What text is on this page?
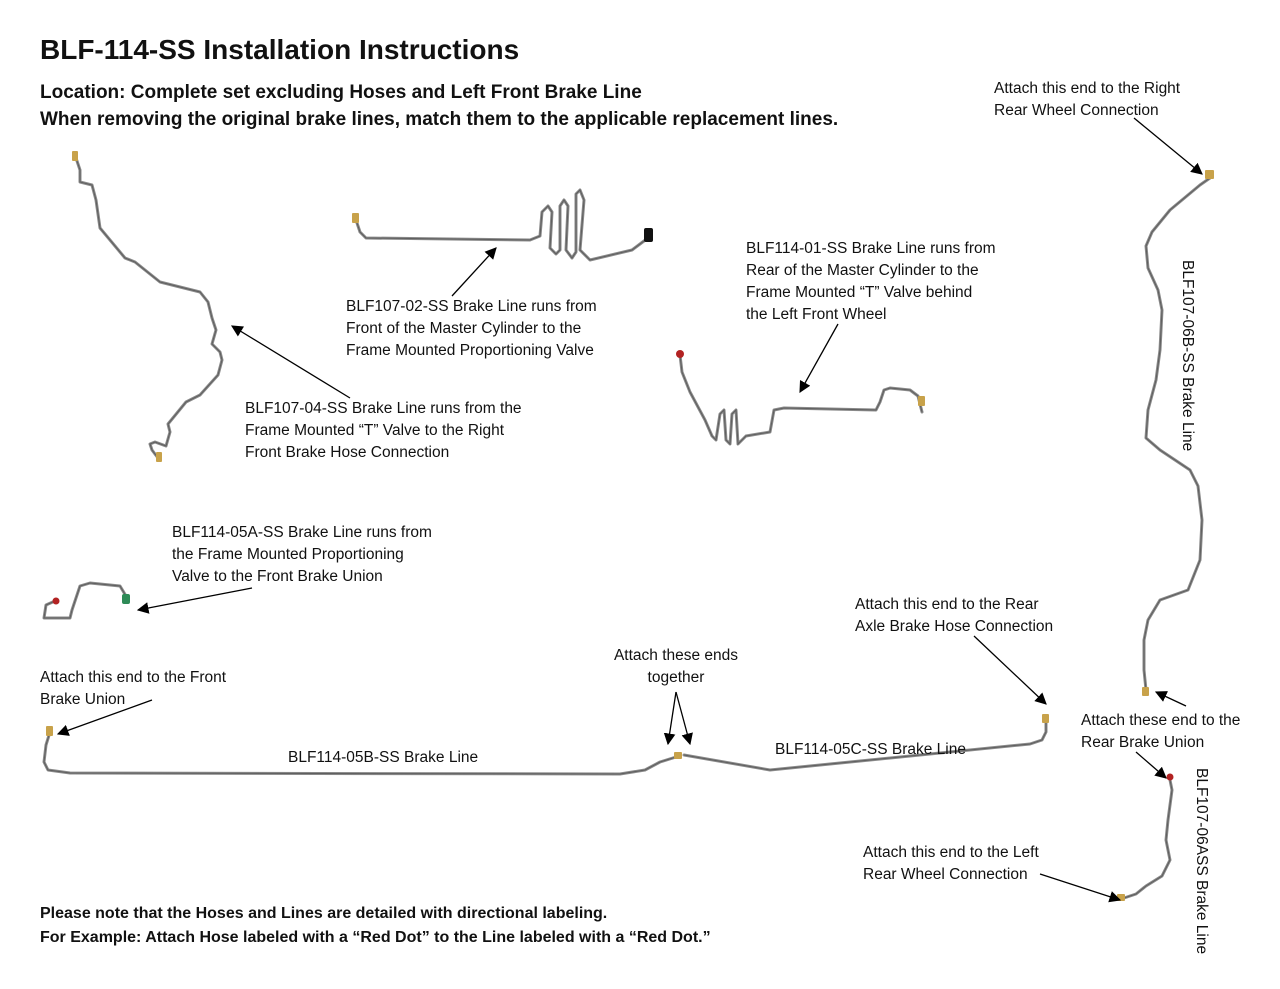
BLF-114-SS Installation Instructions
Location: Complete set excluding Hoses and Left Front Brake Line
When removing the original brake lines, match them to the applicable replacement lines.
BLF107-02-SS Brake Line runs from
Front of the Master Cylinder to the
Frame Mounted Proportioning Valve
BLF114-01-SS Brake Line runs from
Rear of the Master Cylinder to the
Frame Mounted “T” Valve behind
the Left Front Wheel
BLF107-04-SS Brake Line runs from the
Frame Mounted “T” Valve to the Right
Front Brake Hose Connection
BLF114-05A-SS Brake Line runs from
the Frame Mounted Proportioning
Valve to the Front Brake Union
Attach this end to the Right
Rear Wheel Connection
Attach this end to the Rear
Axle Brake Hose Connection
Attach this end to the Front
Brake Union
Attach these ends
together
Attach these end to the
Rear Brake Union
Attach this end to the Left
Rear Wheel Connection
BLF114-05B-SS Brake Line	BLF114-05C-SS Brake Line
BLF107-06B-SS Brake Line
BLF107-06ASS Brake Line
Please note that the Hoses and Lines are detailed with directional labeling.
For Example: Attach Hose labeled with a “Red Dot” to the Line labeled with a “Red Dot.”
